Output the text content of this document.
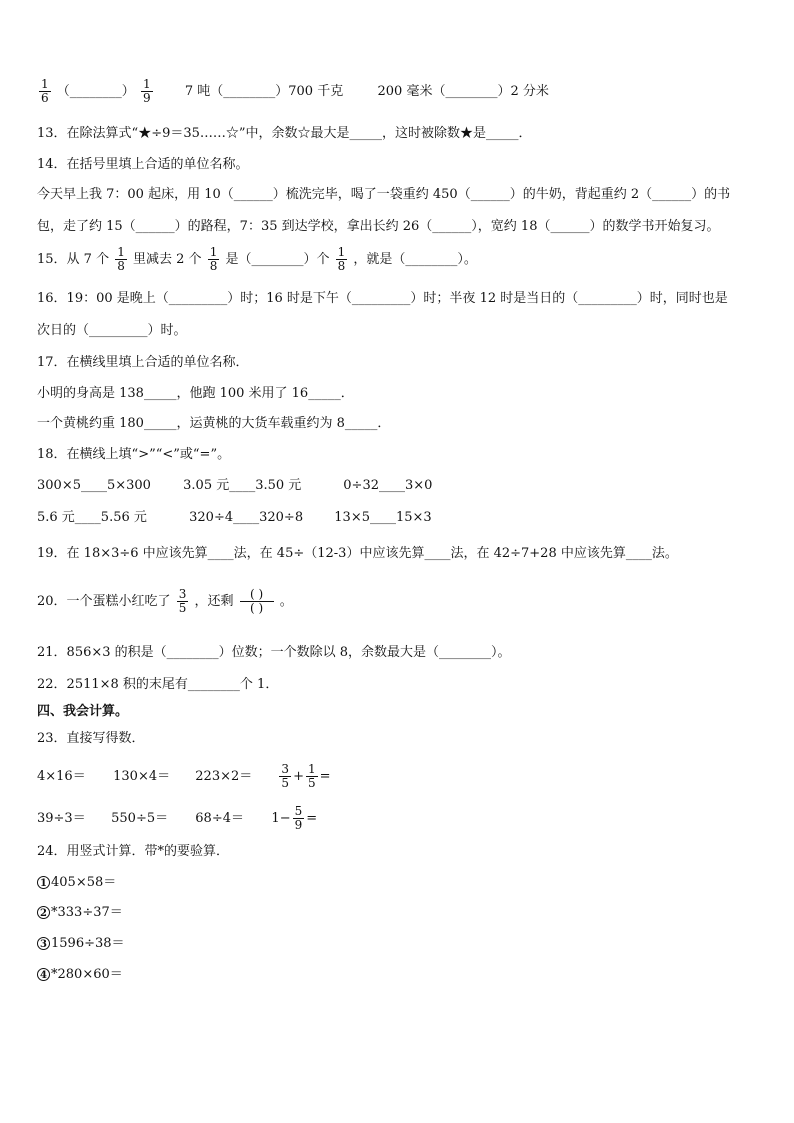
$\frac{1}{6}$ （________） $\frac{1}{9} 7$ 吨（________）700 千克	200 毫米（________）2 分米
13．在除法算式“★÷9＝35……☆”中，余数☆最大是_____，这时被除数★是_____．
14．在括号里填上合适的单位名称。
今天早上我 7：00 起床，用 10（______）梳洗完毕，喝了一袋重约 450（______）的牛奶，背起重约 2（______）的书
包，走了约 15（______）的路程，7：35 到达学校，拿出长约 26（______），宽约 18（______）的数学书开始复习。
15．从 7 个 $\frac{1}{8}$ 里减去 2 个 $\frac{1}{8}$ 是（________）个 $\frac{1}{8}$ ，就是（________）。
16．19：00 是晚上（_________）时；16 时是下午（_________）时；半夜 12 时是当日的（_________）时，同时也是
次日的（_________）时。
17．在横线里填上合适的单位名称．
小明的身高是 138_____，他跑 100 米用了 16_____．
一个黄桃约重 180_____，运黄桃的大货车载重约为 8_____．
18．在横线上填“>”“<”或“=”。
300×5____5×300 3.05 元____3.50 元	0÷32____3×0
5.6 元____5.56 元	320÷4____320÷8 13×5____15×3
19．在 18×3÷6 中应该先算____法，在 45÷（12-3）中应该先算____法，在 42÷7+28 中应该先算____法。
20．一个蛋糕小红吃了 $\frac{3}{5}$ ，还剩 $\frac{( )}{( )}$ 。
21．856×3 的积是（________）位数；一个数除以 8，余数最大是（________）。
22．2511×8 积的末尾有________个 1．
四、我会计算。
23．直接写得数．
$4\times 16= 130\times 4= 223\times 2= \frac{3}{5} + \frac{1}{5}$ =
$39\div 3= 550\div 5= 68\div 4= 1- \frac{5}{9}$ =
24．用竖式计算．带*的要验算．
1 405×58＝
2 *333÷37＝
3 1596÷38＝
4 *280×60＝
